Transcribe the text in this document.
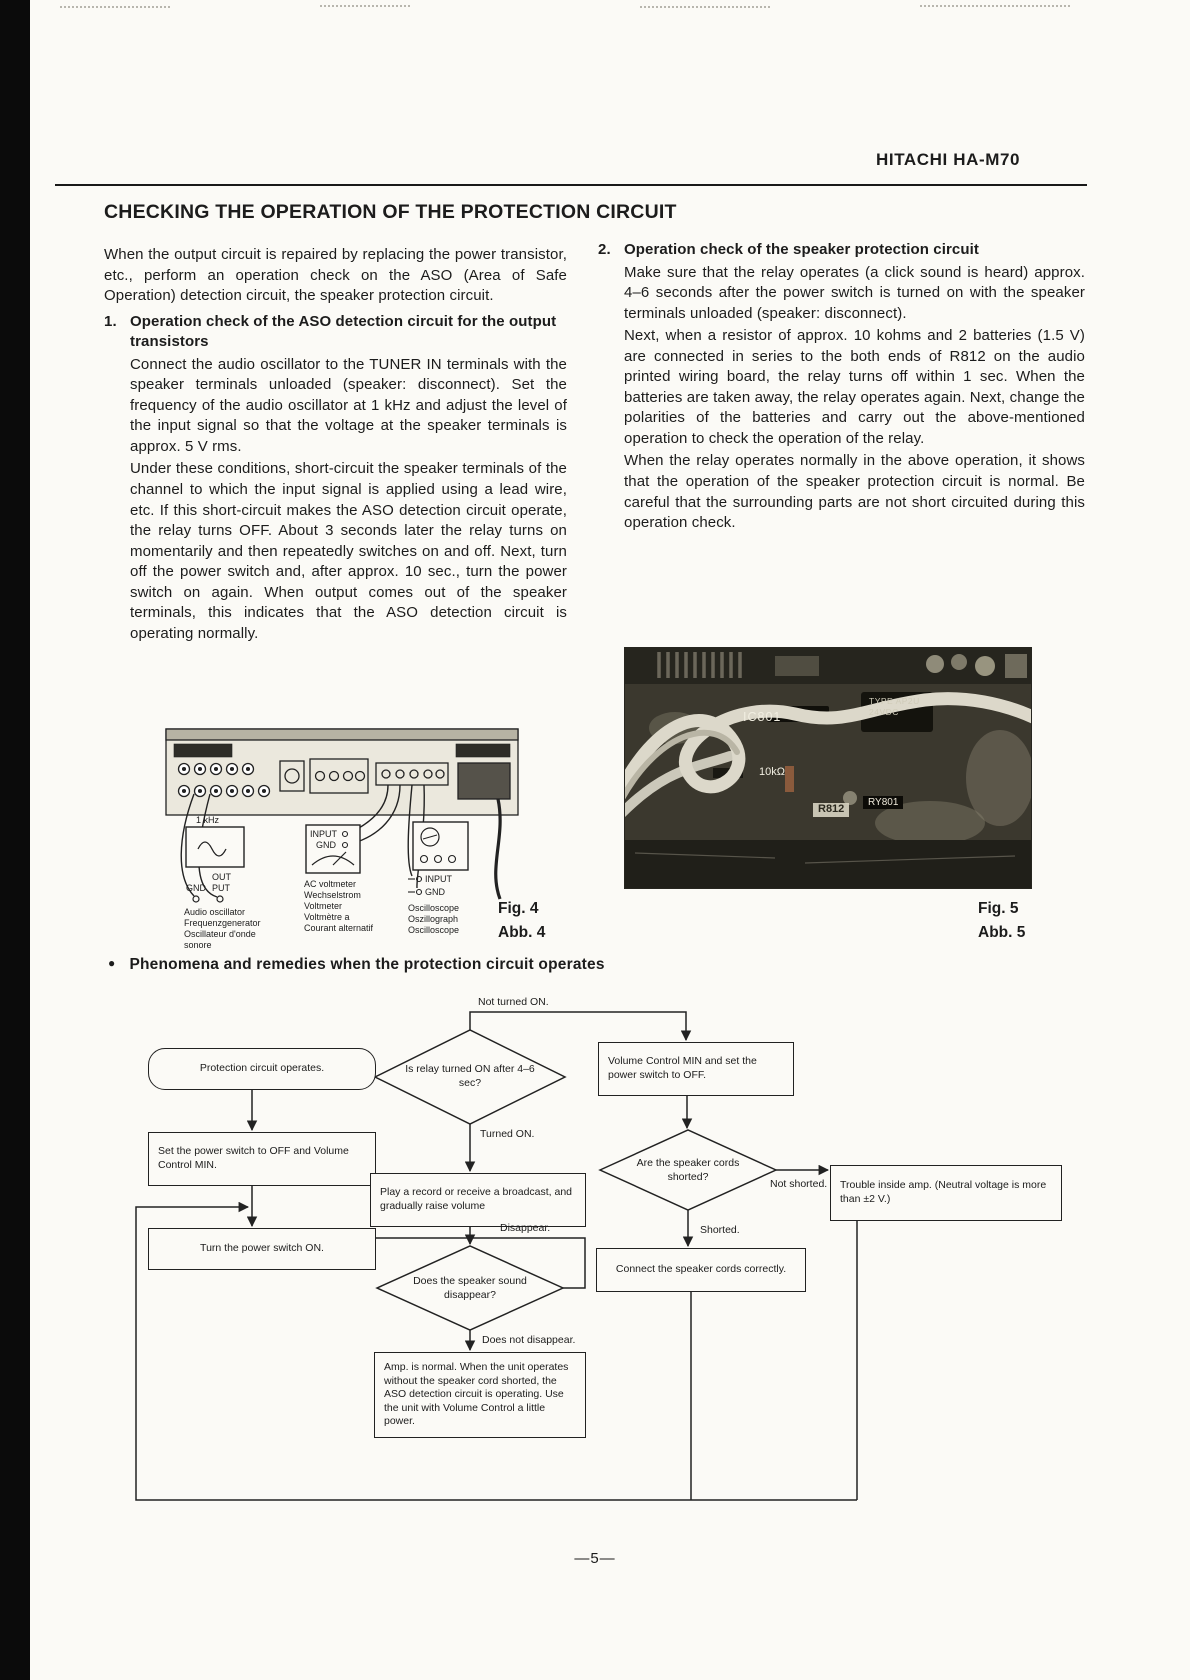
HITACHI HA-M70
CHECKING THE OPERATION OF THE PROTECTION CIRCUIT
When the output circuit is repaired by replacing the power transistor, etc., perform an operation check on the ASO (Area of Safe Operation) detection circuit, the speaker protection circuit.
1. Operation check of the ASO detection circuit for the output transistors
Connect the audio oscillator to the TUNER IN terminals with the speaker terminals unloaded (speaker: disconnect). Set the frequency of the audio oscillator at 1 kHz and adjust the level of the input signal so that the voltage at the speaker terminals is approx. 5 V rms.
Under these conditions, short-circuit the speaker terminals of the channel to which the input signal is applied using a lead wire, etc. If this short-circuit makes the ASO detection circuit operate, the relay turns OFF. About 3 seconds later the relay turns on momentarily and then repeatedly switches on and off. Next, turn off the power switch and, after approx. 10 sec., turn the power switch on again. When output comes out of the speaker terminals, this indicates that the ASO detection circuit is operating normally.
2. Operation check of the speaker protection circuit
Make sure that the relay operates (a click sound is heard) approx. 4–6 seconds after the power switch is turned on with the speaker terminals unloaded (speaker: disconnect).
Next, when a resistor of approx. 10 kohms and 2 batteries (1.5 V) are connected in series to the both ends of R812 on the audio printed wiring board, the relay turns off within 1 sec. When the batteries are taken away, the relay operates again. Next, change the polarities of the batteries and carry out the above-mentioned operation to check the operation of the relay.
When the relay operates normally in the above operation, it shows that the operation of the speaker protection circuit is normal. Be careful that the surrounding parts are not short circuited during this operation check.
1 kHz
OUT
GND PUT
Audio oscillator
Frequenzgenerator
Oscillateur d'onde
sonore
INPUT
GND
AC voltmeter
Wechselstrom
Voltmeter
Voltmètre a
Courant alternatif
INPUT
GND
Oscilloscope
Oszillograph
Oscilloscope
Fig. 4
Abb. 4
IC801
TYPE AP2U
24VDC
10kΩ
R812
RY801
Fig. 5
Abb. 5
● Phenomena and remedies when the protection circuit operates
Protection circuit operates.	Is relay turned ON after 4–6 sec?
Volume Control MIN and set the power switch to OFF.
Set the power switch to OFF and Volume Control MIN.
Play a record or receive a broadcast, and gradually raise volume
Are the speaker cords shorted?
Trouble inside amp. (Neutral voltage is more than ±2 V.)
Connect the speaker cords correctly.
Turn the power switch ON.
Does the speaker sound disappear?
Amp. is normal. When the unit operates without the speaker cord shorted, the ASO detection circuit is operating. Use the unit with Volume Control a little power.
Not turned ON.
Turned ON.
Not shorted.
Shorted.
Disappear.
Does not disappear.
—5—
